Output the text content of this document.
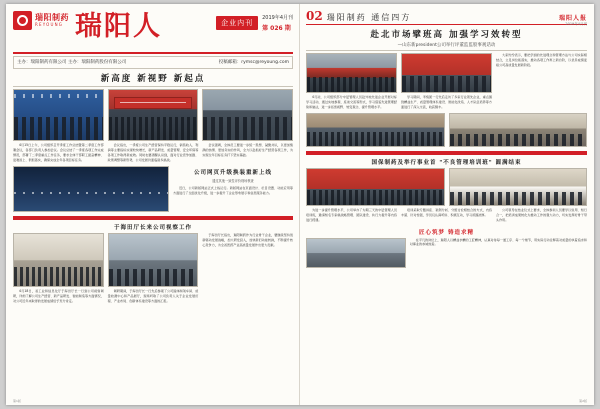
瑞阳制药
REYOUNG 瑞阳人	企业内刊
2019年4月刊
第 026 期
主办：瑞阳制药有限公司 主办：瑞阳制药股份有限公司	投稿邮箱：rymsc@reyoung.com
新高度 新视野 新起点

4月15日上午，公司组织召开季度工作总结暨第二季度工作部署会议，各部门负责人参加会议。会议总结了一季度各项工作完成情况，部署了二季度重点工作任务，要求全体干部职工振奋精神、迎难而上、狠抓落实，确保完成全年各项目标任务。

会议指出，一季度公司生产经营保持平稳运行，销售收入、利润等主要指标实现较快增长，新产品研发、质量管理、安全环保等各项工作取得新成效。同时也要清醒认识到，面对行业竞争加剧、政策调整等新形势，公司发展仍面临诸多挑战。

会议强调，全体员工要进一步统一思想、凝聚共识，以更加饱满的热情、更加务实的作风，全力以赴抓好生产经营各项工作，为实现全年目标任务打下坚实基础。

公司网页升级换装重新上线
通过其他一致性评价现场核查

近日，公司新版网站正式上线运行。新版网站在页面设计、栏目设置、功能应用等方面进行了全面优化升级，进一步提升了企业形象展示和信息服务能力。

于海田厅长来公司视察工作

4月18日，省工业和信息化厅于海田厅长一行到公司视察调研，详细了解公司生产经营、新产品研发、智能制造等方面情况，对公司近年来取得的发展成绩给予充分肯定。

调研期间，于海田厅长一行先后参观了公司固体制剂车间、质量检测中心和产品展厅，现场听取了公司负责人关于企业发展历程、产业布局、创新体系建设等方面的汇报。

于海田厅长指出，瑞阳制药作为行业骨干企业，要继续坚持创新驱动发展战略，加大研发投入，加快新旧动能转换，不断提升核心竞争力，为全省医药产业高质量发展作出更大贡献。

第1版
02 瑞阳制药 通信四方	瑞阳人报
2019年4月刊
赴北市场擘班高 加强学习效转型
—山东新president公司举行评董监监股事观话动

4月初，公司组织部分中层管理人员赴外地先进企业开展对标学习活动，通过实地参观、座谈交流等形式，学习借鉴先进管理经验和做法，进一步拓宽视野、转变观念、提升管理水平。

学习期间，考察团一行先后走访了多家行业领先企业，重点围绕精益生产、质量管理体系建设、智能化改造、人才队伍培养等方面进行了深入交流，收获颇丰。

大家纷纷表示，要把学到的先进理念和管理方法与公司实际相结合，立足岗位抓落实，推动各项工作再上新台阶，以优异成绩迎接公司高质量发展新阶段。

国保制药及举行事业首 "不良管理培训班" 圆满结束

为进一步提升管理水平，公司举办了为期三天的中层管理人员培训班，邀请知名专家就战略管理、团队建设、执行力提升等内容进行授课。

培训采取专题讲座、案例分析、分组讨论相结合的方式，内容丰富、针对性强，学员们认真听讲、积极互动，学习氛围浓厚。

公司领导在结业仪式上要求，全体参训人员要学以致用、知行合一，把培训成果转化为推动工作的强大动力，切实发挥好骨干带头作用。

匠心筑梦 铸造求精

在平凡的岗位上，瑞阳人以精益求精的工匠精神，认真对待每一道工序、每一个细节，用实际行动诠释着对质量的执着追求和对事业的赤诚热爱。

第2版
